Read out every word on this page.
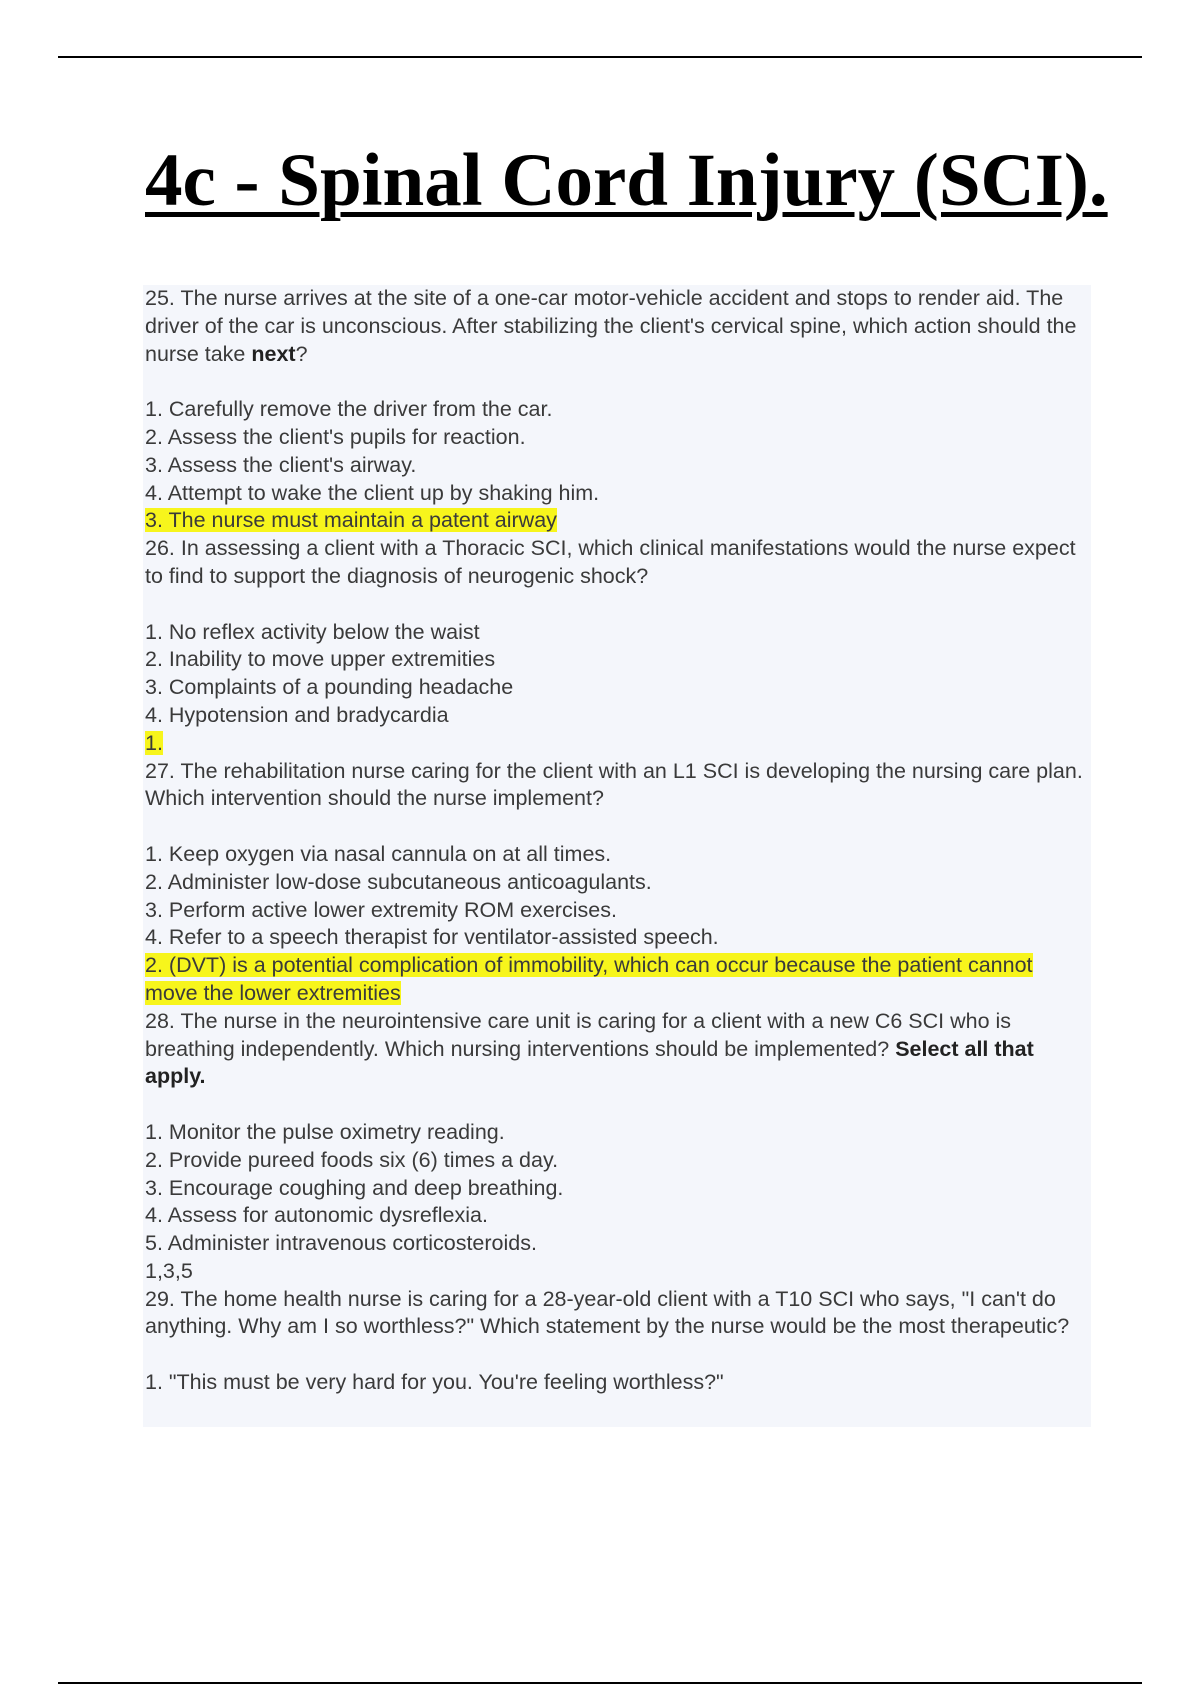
4c - Spinal Cord Injury (SCI).

25. The nurse arrives at the site of a one-car motor-vehicle accident and stops to render aid. The driver of the car is unconscious. After stabilizing the client's cervical spine, which action should the nurse take next?

1. Carefully remove the driver from the car.

2. Assess the client's pupils for reaction.

3. Assess the client's airway.

4. Attempt to wake the client up by shaking him.

3. The nurse must maintain a patent airway

26. In assessing a client with a Thoracic SCI, which clinical manifestations would the nurse expect to find to support the diagnosis of neurogenic shock?

1. No reflex activity below the waist

2. Inability to move upper extremities

3. Complaints of a pounding headache

4. Hypotension and bradycardia

1.

27. The rehabilitation nurse caring for the client with an L1 SCI is developing the nursing care plan. Which intervention should the nurse implement?

1. Keep oxygen via nasal cannula on at all times.

2. Administer low-dose subcutaneous anticoagulants.

3. Perform active lower extremity ROM exercises.

4. Refer to a speech therapist for ventilator-assisted speech.

2. (DVT) is a potential complication of immobility, which can occur because the patient cannot move the lower extremities

28. The nurse in the neurointensive care unit is caring for a client with a new C6 SCI who is breathing independently. Which nursing interventions should be implemented? Select all that apply.

1. Monitor the pulse oximetry reading.

2. Provide pureed foods six (6) times a day.

3. Encourage coughing and deep breathing.

4. Assess for autonomic dysreflexia.

5. Administer intravenous corticosteroids.

1,3,5

29. The home health nurse is caring for a 28-year-old client with a T10 SCI who says, "I can't do anything. Why am I so worthless?" Which statement by the nurse would be the most therapeutic?

1. "This must be very hard for you. You're feeling worthless?"
